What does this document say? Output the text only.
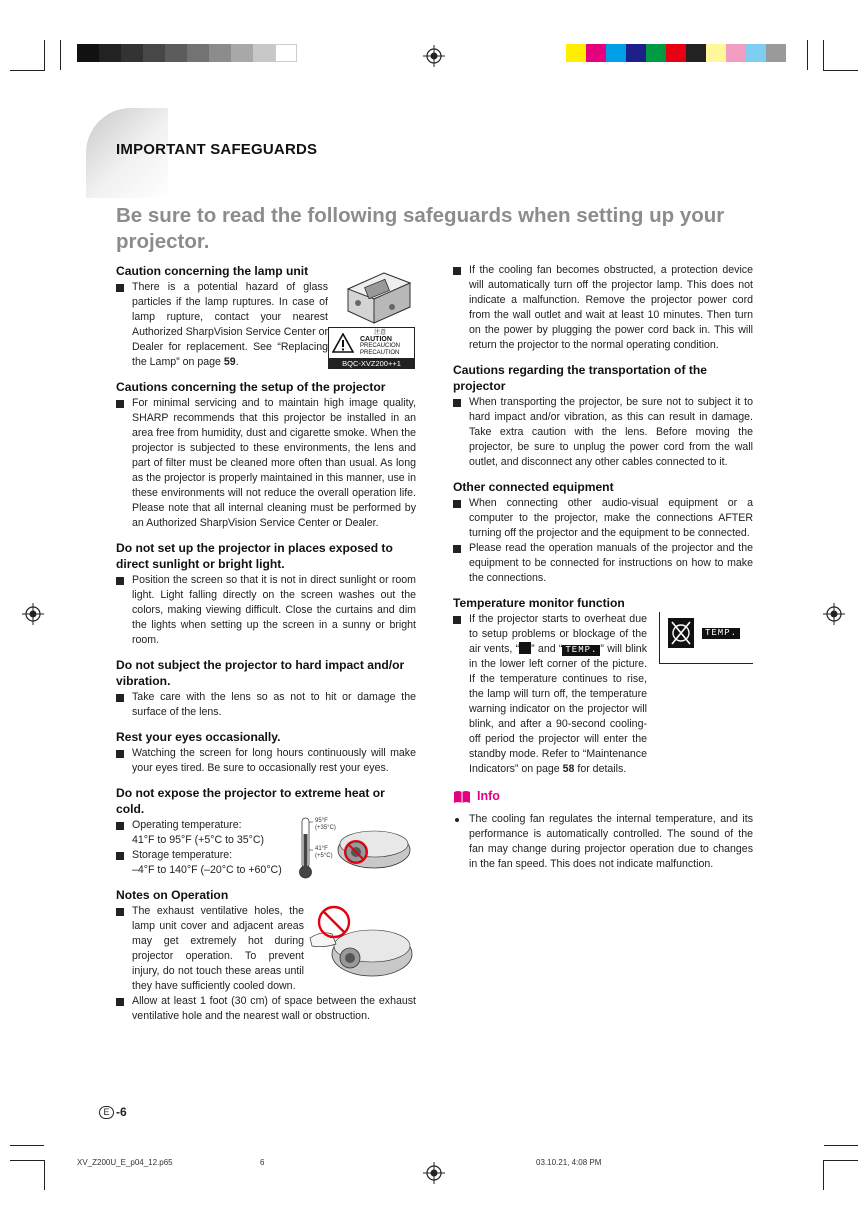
IMPORTANT SAFEGUARDS
Be sure to read the following safeguards when setting up your projector.
Caution concerning the lamp unit
There is a potential hazard of glass particles if the lamp ruptures. In case of lamp rupture, contact your nearest Authorized SharpVision Service Center or Dealer for replacement. See “Replacing the Lamp” on page 59.
注意
CAUTION
PRECAUCION
PRECAUTION
BQC-XVZ200++1
Cautions concerning the setup of the projector
For minimal servicing and to maintain high image quality, SHARP recommends that this projector be installed in an area free from humidity, dust and cigarette smoke. When the projector is subjected to these environments, the lens and part of filter must be cleaned more often than usual. As long as the projector is properly maintained in this manner, use in these environments will not reduce the overall operation life. Please note that all internal cleaning must be performed by an Authorized SharpVision Service Center or Dealer.
Do not set up the projector in places exposed to direct sunlight or bright light.
Position the screen so that it is not in direct sunlight or room light. Light falling directly on the screen washes out the colors, making viewing difficult. Close the curtains and dim the lights when setting up the screen in a sunny or bright room.
Do not subject the projector to hard impact and/or vibration.
Take care with the lens so as not to hit or damage the surface of the lens.
Rest your eyes occasionally.
Watching the screen for long hours continuously will make your eyes tired. Be sure to occasionally rest your eyes.
Do not expose the projector to extreme heat or cold.
Operating temperature:
41°F to 95°F (+5°C to 35°C)
Storage temperature:
–4°F to 140°F (–20°C to +60°C)
95°F
(+35°C)
41°F
(+5°C)
Notes on Operation
The exhaust ventilative holes, the lamp unit cover and adjacent areas may get extremely hot during projector operation. To prevent injury, do not touch these areas until they have sufficiently cooled down.
Allow at least 1 foot (30 cm) of space between the exhaust ventilative hole and the nearest wall or obstruction.
If the cooling fan becomes obstructed, a protection device will automatically turn off the projector lamp. This does not indicate a malfunction. Remove the projector power cord from the wall outlet and wait at least 10 minutes. Then turn on the power by plugging the power cord back in. This will return the projector to the normal operating condition.
Cautions regarding the transportation of the projector
When transporting the projector, be sure not to subject it to hard impact and/or vibration, as this can result in damage. Take extra caution with the lens. Before moving the projector, be sure to unplug the power cord from the wall outlet, and disconnect any other cables connected to it.
Other connected equipment
When connecting other audio-visual equipment or a computer to the projector, make the connections AFTER turning off the projector and the equipment to be connected.
Please read the operation manuals of the projector and the equipment to be connected for instructions on how to make the connections.
Temperature monitor function
TEMP.
If the projector starts to overheat due to setup problems or blockage of the air vents, “ ” and “ TEMP. ” will blink in the lower left corner of the picture. If the temperature continues to rise, the lamp will turn off, the temperature warning indicator on the projector will blink, and after a 90-second cooling-off period the projector will enter the standby mode. Refer to “Maintenance Indicators” on page 58 for details.
Info
The cooling fan regulates the internal temperature, and its performance is automatically controlled. The sound of the fan may change during projector operation due to changes in the fan speed. This does not indicate malfunction.
E -6
XV_Z200U_E_p04_12.p65	6	03.10.21, 4:08 PM
